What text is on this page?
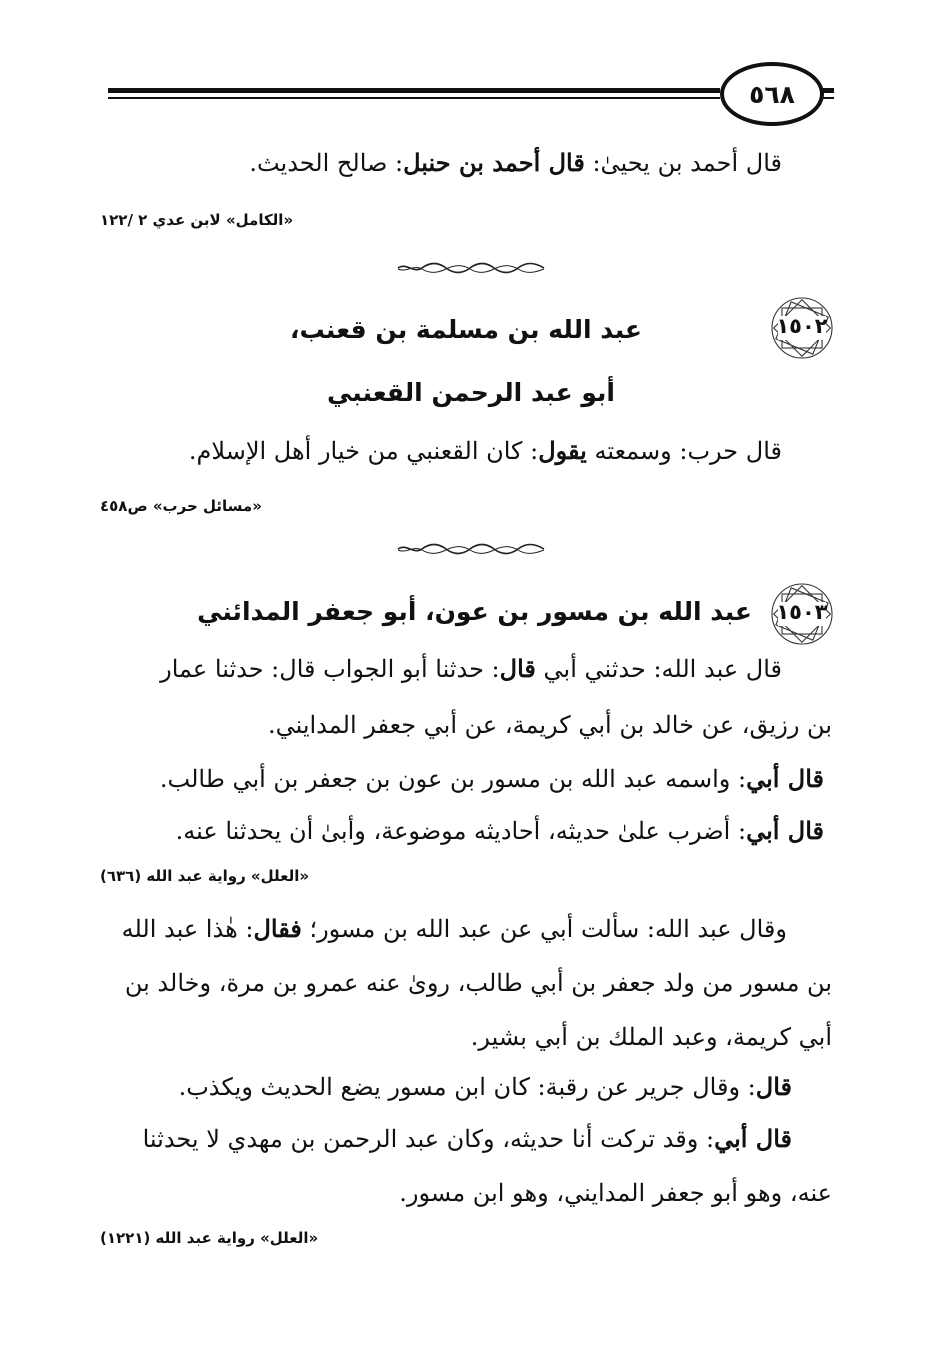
٥٦٨
قال أحمد بن يحيىٰ: قال أحمد بن حنبل: صالح الحديث.
«الكامل» لابن عدي ٢ /١٢٢
١٥٠٢
عبد الله بن مسلمة بن قعنب،
أبو عبد الرحمن القعنبي
قال حرب: وسمعته يقول: كان القعنبي من خيار أهل الإسلام.
«مسائل حرب» ص٤٥٨
١٥٠٣
عبد الله بن مسور بن عون، أبو جعفر المدائني
قال عبد الله: حدثني أبي قال: حدثنا أبو الجواب قال: حدثنا عمار
بن رزيق، عن خالد بن أبي كريمة، عن أبي جعفر المدايني.
قال أبي: واسمه عبد الله بن مسور بن عون بن جعفر بن أبي طالب.
قال أبي: أضرب علىٰ حديثه، أحاديثه موضوعة، وأبىٰ أن يحدثنا عنه.
«العلل» رواية عبد الله (٦٣٦)
وقال عبد الله: سألت أبي عن عبد الله بن مسور؛ فقال: هٰذا عبد الله
بن مسور من ولد جعفر بن أبي طالب، روىٰ عنه عمرو بن مرة، وخالد بن
أبي كريمة، وعبد الملك بن أبي بشير.
قال: وقال جرير عن رقبة: كان ابن مسور يضع الحديث ويكذب.
قال أبي: وقد تركت أنا حديثه، وكان عبد الرحمن بن مهدي لا يحدثنا
عنه، وهو أبو جعفر المدايني، وهو ابن مسور.
«العلل» رواية عبد الله (١٢٢١)
